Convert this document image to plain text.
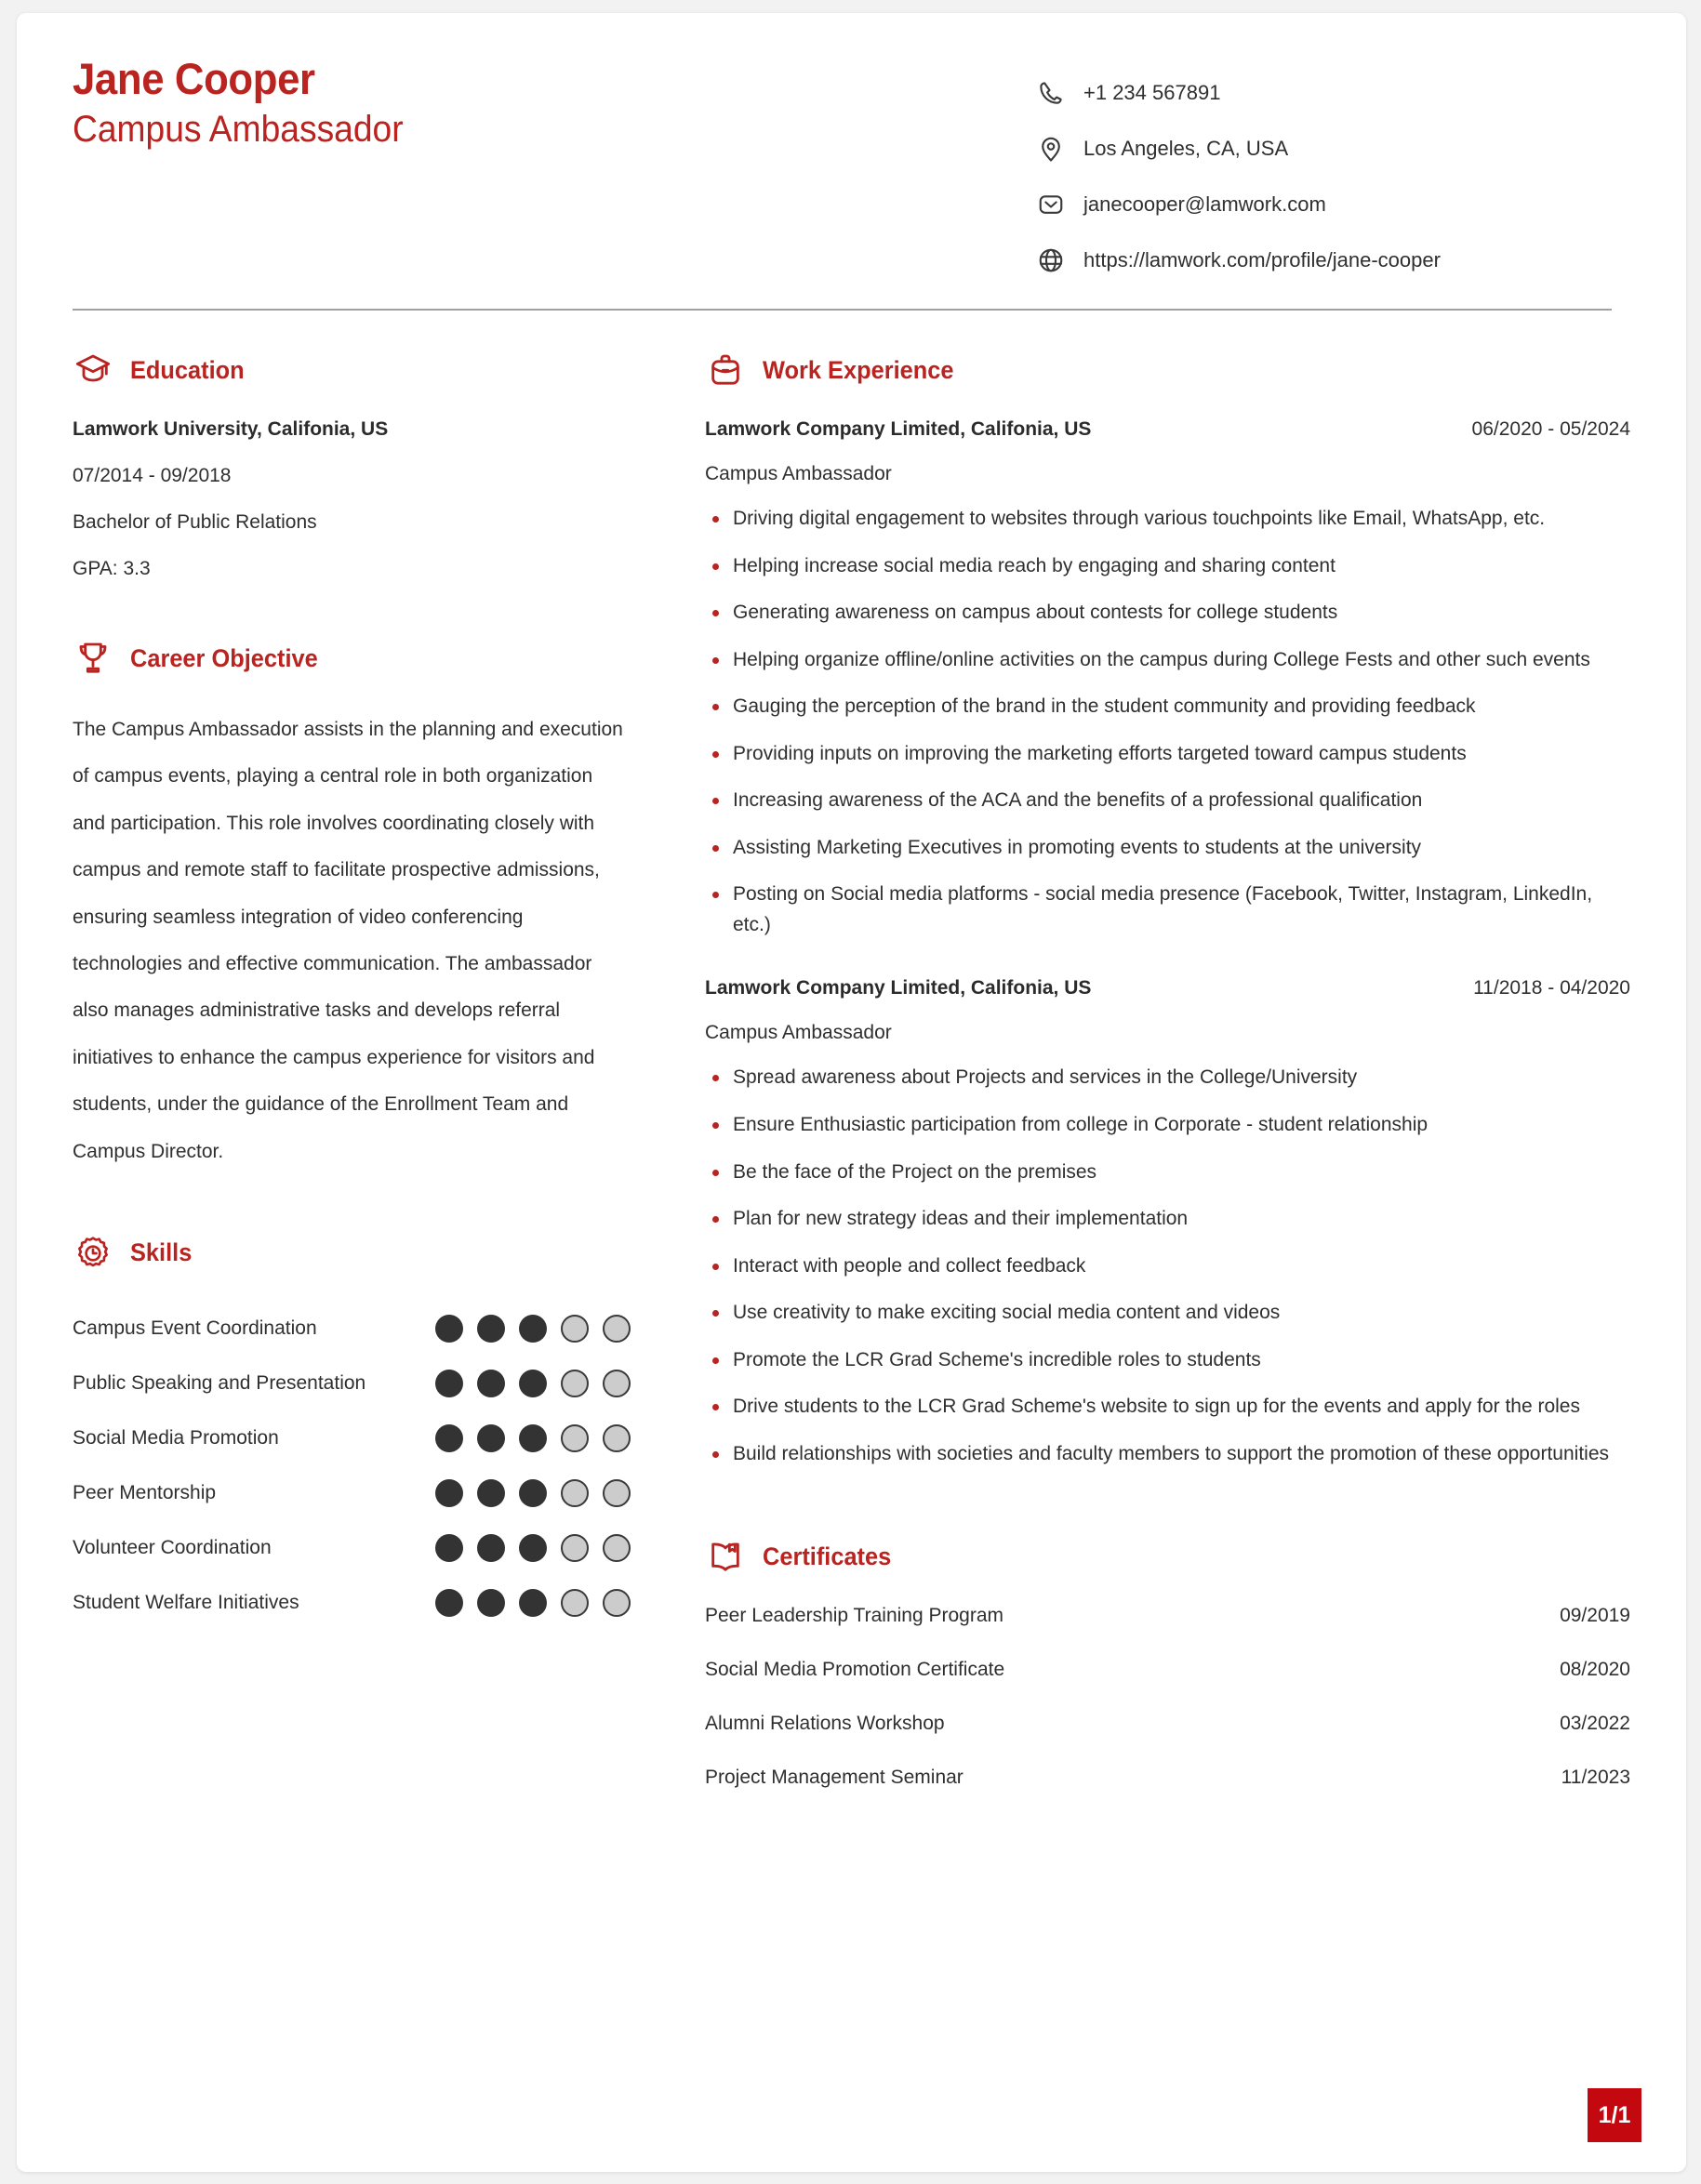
Jane Cooper
Campus Ambassador
+1 234 567891
Los Angeles, CA, USA
janecooper@lamwork.com
https://lamwork.com/profile/jane-cooper
Education
Lamwork University, Califonia, US
07/2014 - 09/2018
Bachelor of Public Relations
GPA: 3.3
Career Objective
The Campus Ambassador assists in the planning and execution of campus events, playing a central role in both organization and participation. This role involves coordinating closely with campus and remote staff to facilitate prospective admissions, ensuring seamless integration of video conferencing technologies and effective communication. The ambassador also manages administrative tasks and develops referral initiatives to enhance the campus experience for visitors and students, under the guidance of the Enrollment Team and Campus Director.
Skills
Campus Event Coordination
Public Speaking and Presentation
Social Media Promotion
Peer Mentorship
Volunteer Coordination
Student Welfare Initiatives
Work Experience
Lamwork Company Limited, Califonia, US	06/2020 - 05/2024
Campus Ambassador
Driving digital engagement to websites through various touchpoints like Email, WhatsApp, etc.
Helping increase social media reach by engaging and sharing content
Generating awareness on campus about contests for college students
Helping organize offline/online activities on the campus during College Fests and other such events
Gauging the perception of the brand in the student community and providing feedback
Providing inputs on improving the marketing efforts targeted toward campus students
Increasing awareness of the ACA and the benefits of a professional qualification
Assisting Marketing Executives in promoting events to students at the university
Posting on Social media platforms - social media presence (Facebook, Twitter, Instagram, LinkedIn, etc.)
Lamwork Company Limited, Califonia, US	11/2018 - 04/2020
Campus Ambassador
Spread awareness about Projects and services in the College/University
Ensure Enthusiastic participation from college in Corporate - student relationship
Be the face of the Project on the premises
Plan for new strategy ideas and their implementation
Interact with people and collect feedback
Use creativity to make exciting social media content and videos
Promote the LCR Grad Scheme's incredible roles to students
Drive students to the LCR Grad Scheme's website to sign up for the events and apply for the roles
Build relationships with societies and faculty members to support the promotion of these opportunities
Certificates
Peer Leadership Training Program	09/2019
Social Media Promotion Certificate	08/2020
Alumni Relations Workshop	03/2022
Project Management Seminar	11/2023
1/1
